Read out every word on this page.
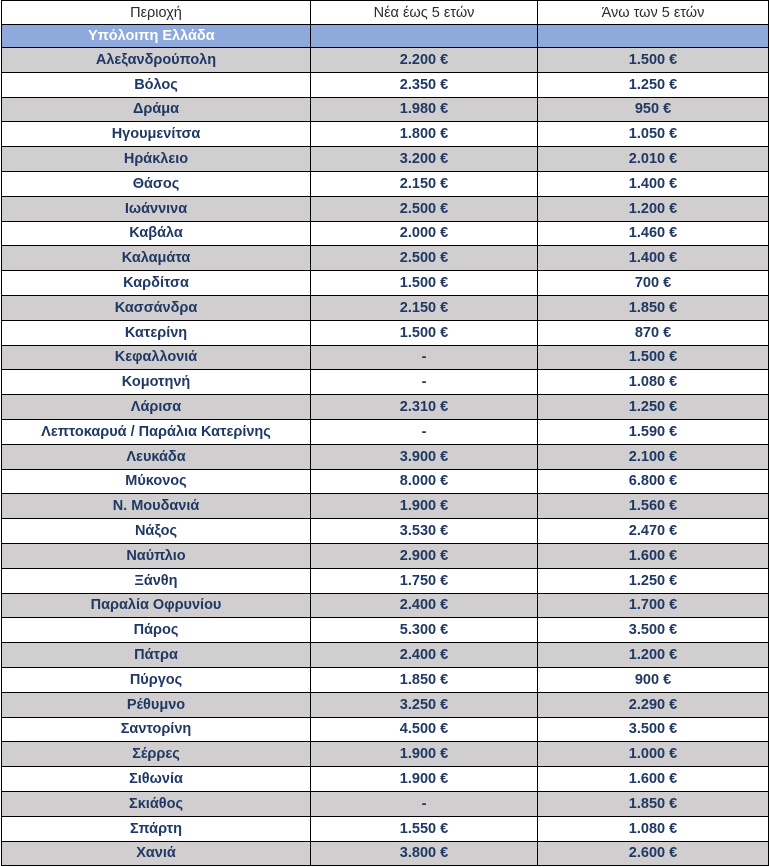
Περιοχή	Νέα έως 5 ετών	Άνω των 5 ετών
Υπόλοιπη Ελλάδα		
Αλεξανδρούπολη	2.200 €	1.500 €
Βόλος	2.350 €	1.250 €
Δράμα	1.980 €	950 €
Ηγουμενίτσα	1.800 €	1.050 €
Ηράκλειο	3.200 €	2.010 €
Θάσος	2.150 €	1.400 €
Ιωάννινα	2.500 €	1.200 €
Καβάλα	2.000 €	1.460 €
Καλαμάτα	2.500 €	1.400 €
Καρδίτσα	1.500 €	700 €
Κασσάνδρα	2.150 €	1.850 €
Κατερίνη	1.500 €	870 €
Κεφαλλονιά	-	1.500 €
Κομοτηνή	-	1.080 €
Λάρισα	2.310 €	1.250 €
Λεπτοκαρυά / Παράλια Κατερίνης	-	1.590 €
Λευκάδα	3.900 €	2.100 €
Μύκονος	8.000 €	6.800 €
Ν. Μουδανιά	1.900 €	1.560 €
Νάξος	3.530 €	2.470 €
Ναύπλιο	2.900 €	1.600 €
Ξάνθη	1.750 €	1.250 €
Παραλία Οφρυνίου	2.400 €	1.700 €
Πάρος	5.300 €	3.500 €
Πάτρα	2.400 €	1.200 €
Πύργος	1.850 €	900 €
Ρέθυμνο	3.250 €	2.290 €
Σαντορίνη	4.500 €	3.500 €
Σέρρες	1.900 €	1.000 €
Σιθωνία	1.900 €	1.600 €
Σκιάθος	-	1.850 €
Σπάρτη	1.550 €	1.080 €
Χανιά	3.800 €	2.600 €
